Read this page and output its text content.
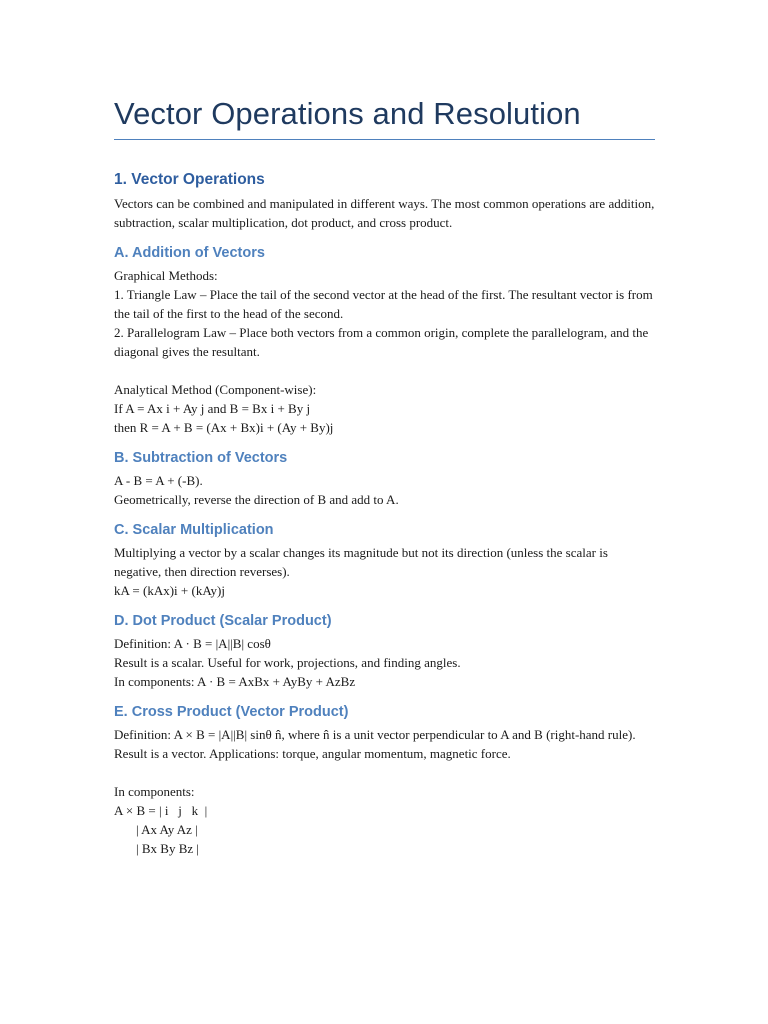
Vector Operations and Resolution
1. Vector Operations

Vectors can be combined and manipulated in different ways. The most common operations are addition, subtraction, scalar multiplication, dot product, and cross product.

A. Addition of Vectors
Graphical Methods:

1. Triangle Law – Place the tail of the second vector at the head of the first. The resultant vector is from the tail of the first to the head of the second.

2. Parallelogram Law – Place both vectors from a common origin, complete the parallelogram, and the diagonal gives the resultant.

Analytical Method (Component-wise):
If A = Ax i + Ay j and B = Bx i + By j
then R = A + B = (Ax + Bx)i + (Ay + By)j
B. Subtraction of Vectors
A - B = A + (-B).
Geometrically, reverse the direction of B and add to A.
C. Scalar Multiplication

Multiplying a vector by a scalar changes its magnitude but not its direction (unless the scalar is negative, then direction reverses).

kA = (kAx)i + (kAy)j
D. Dot Product (Scalar Product)
Definition: A · B = |A||B| cosθ
Result is a scalar. Useful for work, projections, and finding angles.
In components: A · B = AxBx + AyBy + AzBz
E. Cross Product (Vector Product)

Definition: A × B = |A||B| sinθ n̂, where n̂ is a unit vector perpendicular to A and B (right-hand rule).

Result is a vector. Applications: torque, angular momentum, magnetic force.
In components:
A × B = | i   j   k  |
| Ax Ay Az |
| Bx By Bz |
